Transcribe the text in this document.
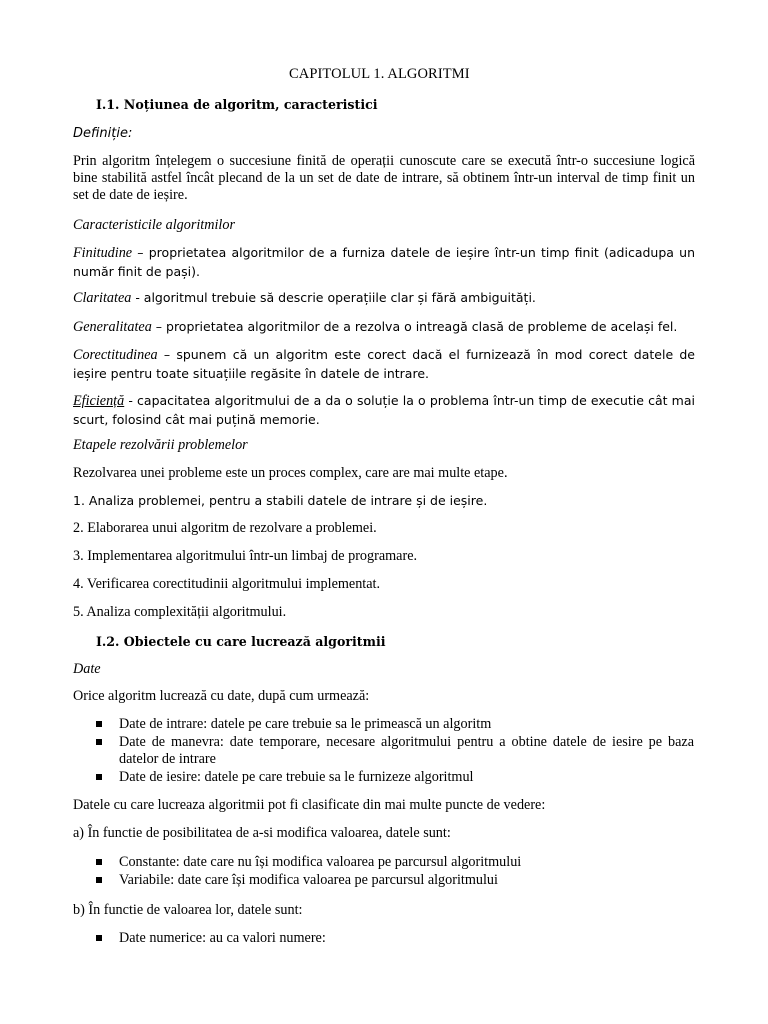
CAPITOLUL 1. ALGORITMI
I.1. Noțiunea de algoritm, caracteristici
Definiție:
Prin algoritm înțelegem o succesiune finită de operații cunoscute care se execută într-o succesiune logică bine stabilită astfel încât plecand de la un set de date de intrare, să obtinem într-un interval de timp finit un set de date de ieșire.
Caracteristicile algoritmilor
Finitudine – proprietatea algoritmilor de a furniza datele de ieșire într-un timp finit (adicadupa un număr finit de pași).
Claritatea - algoritmul trebuie să descrie operațiile clar și fără ambiguități.
Generalitatea – proprietatea algoritmilor de a rezolva o intreagă clasă de probleme de același fel.
Corectitudinea – spunem că un algoritm este corect dacă el furnizează în mod corect datele de ieșire pentru toate situațiile regăsite în datele de intrare.
Eficiență - capacitatea algoritmului de a da o soluție la o problema într-un timp de executie cât mai scurt, folosind cât mai puțină memorie.
Etapele rezolvării problemelor
Rezolvarea unei probleme este un proces complex, care are mai multe etape.
1. Analiza problemei, pentru a stabili datele de intrare și de ieșire.
2. Elaborarea unui algoritm de rezolvare a problemei.
3. Implementarea algoritmului într-un limbaj de programare.
4. Verificarea corectitudinii algoritmului implementat.
5. Analiza complexității algoritmului.
I.2. Obiectele cu care lucrează algoritmii
Date
Orice algoritm lucrează cu date, după cum urmează:
Date de intrare: datele pe care trebuie sa le primească un algoritm
Date de manevra: date temporare, necesare algoritmului pentru a obtine datele de iesire pe baza datelor de intrare
Date de iesire: datele pe care trebuie sa le furnizeze algoritmul
Datele cu care lucreaza algoritmii pot fi clasificate din mai multe puncte de vedere:
a) În functie de posibilitatea de a-si modifica valoarea, datele sunt:
Constante: date care nu își modifica valoarea pe parcursul algoritmului
Variabile: date care își modifica valoarea pe parcursul algoritmului
b) În functie de valoarea lor, datele sunt:
Date numerice: au ca valori numere:
